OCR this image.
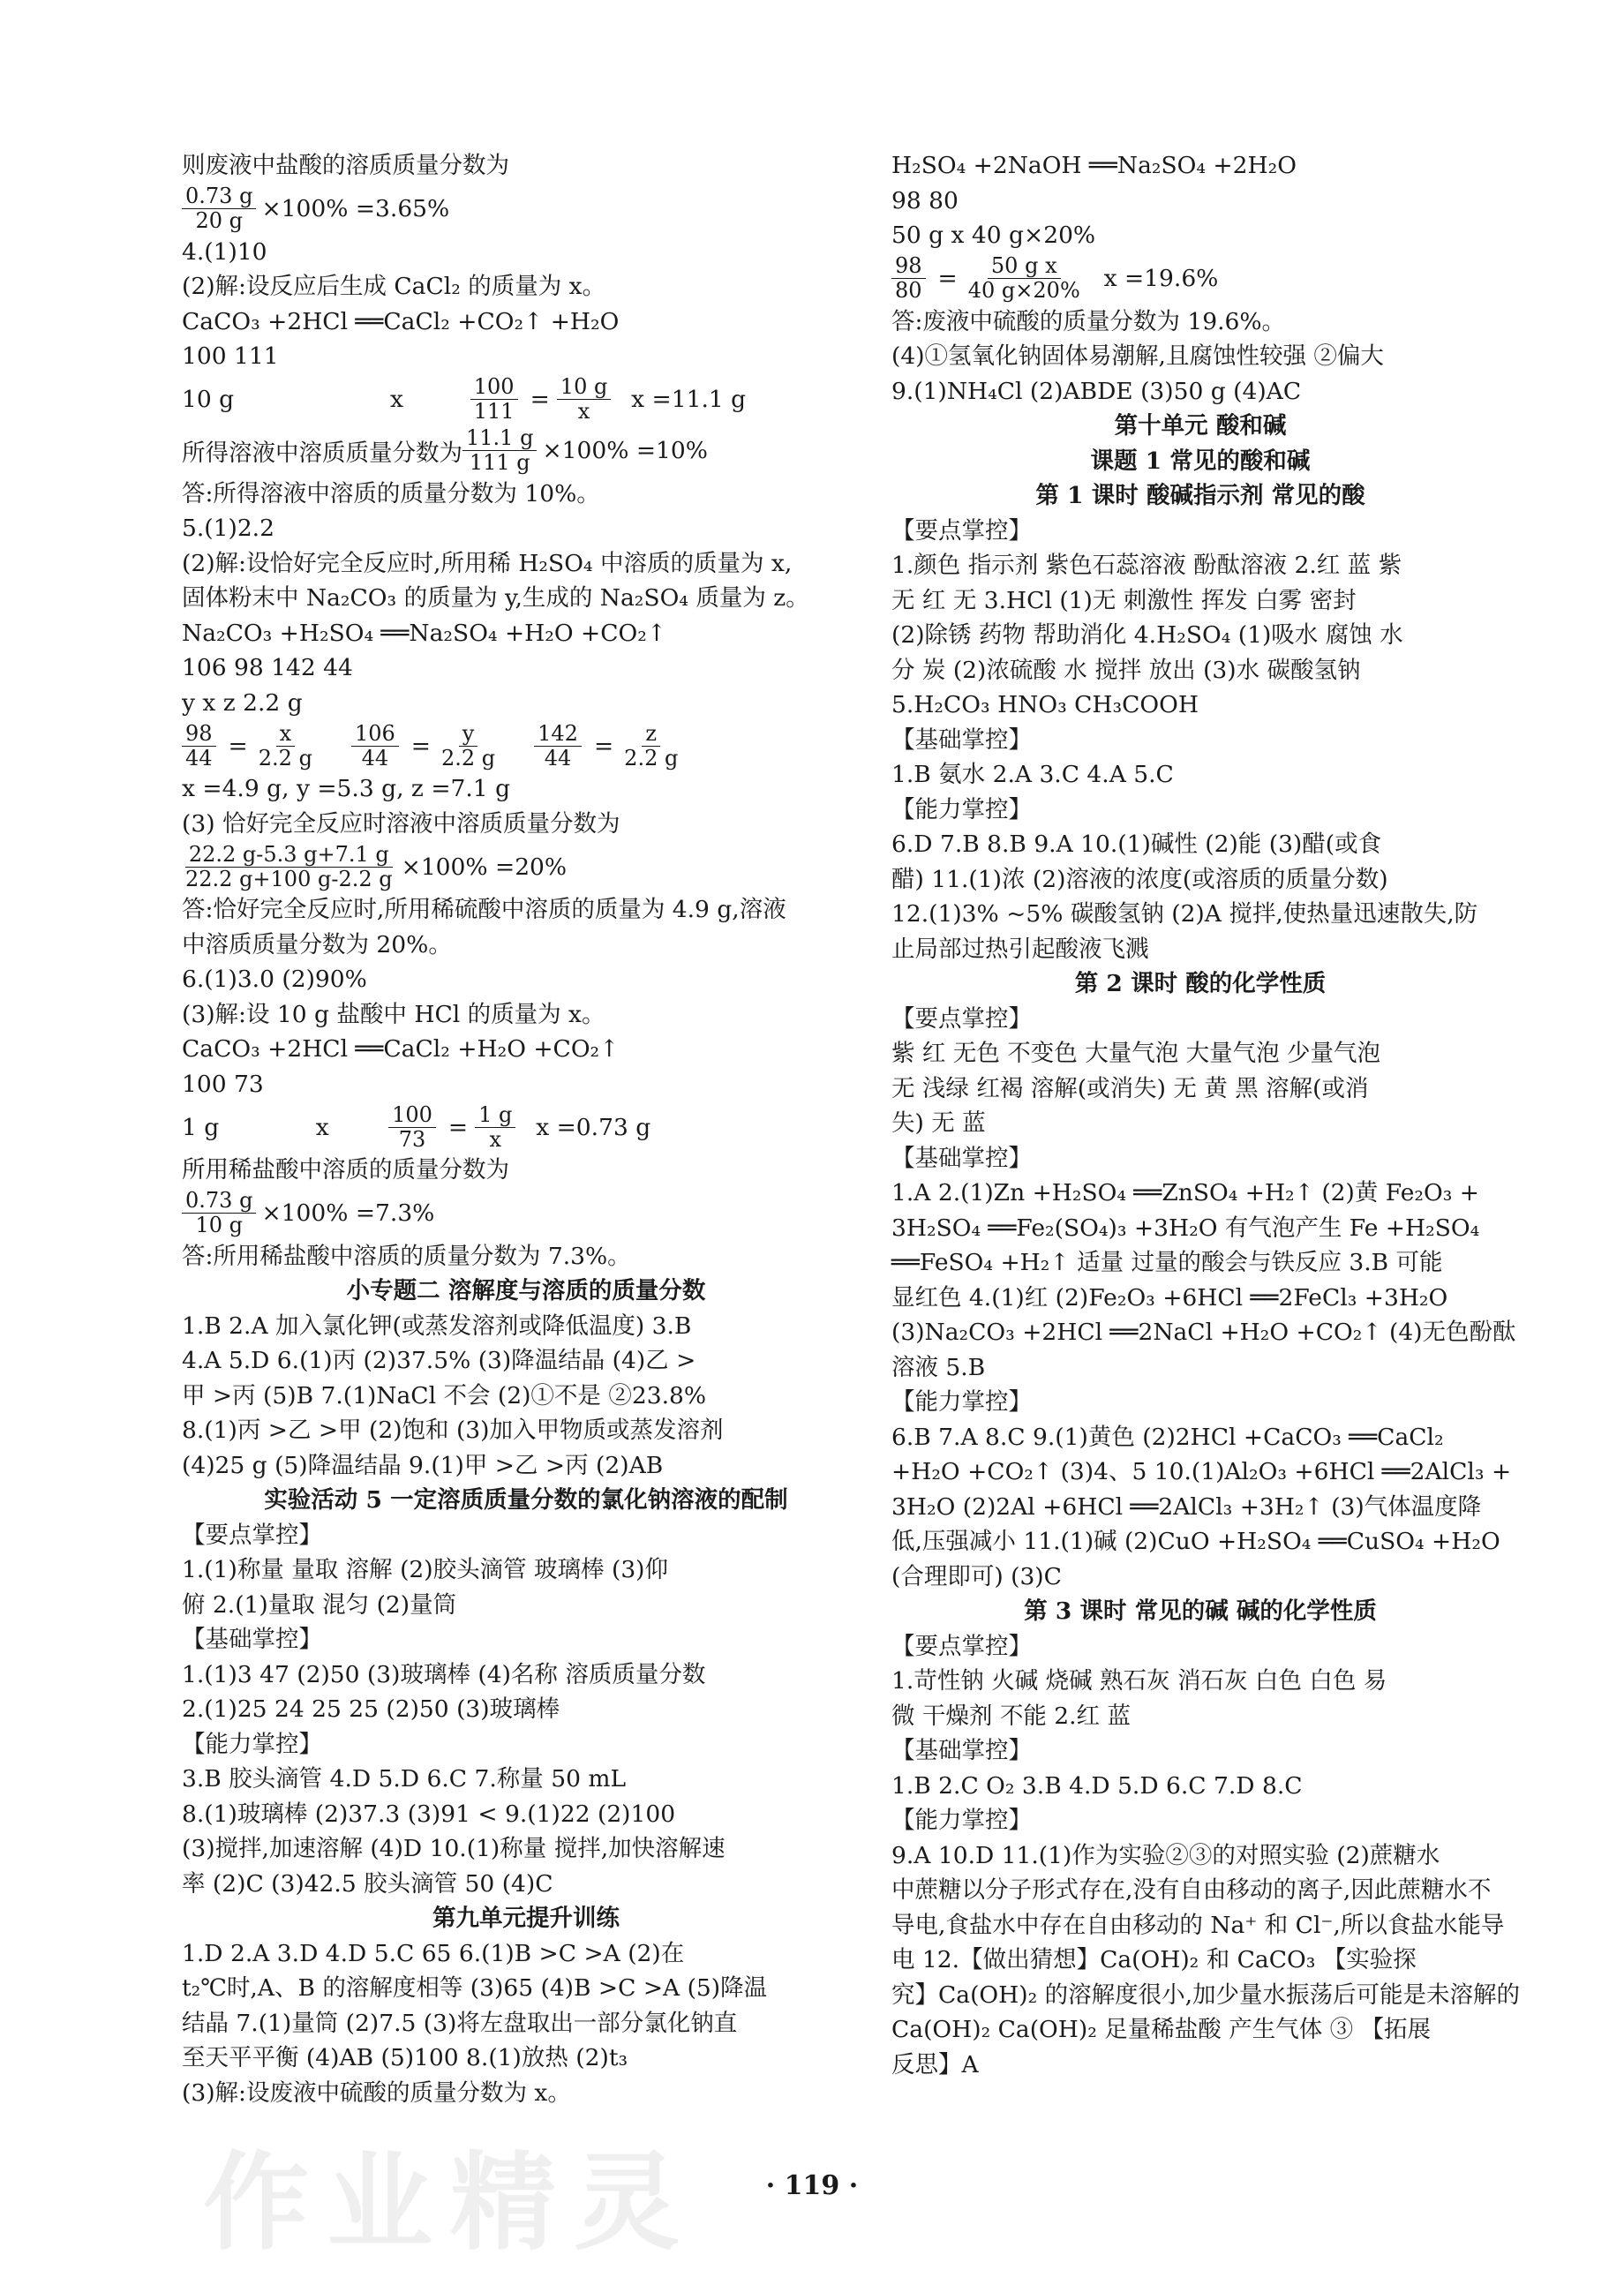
则废液中盐酸的溶质质量分数为
$\frac{0.73 g}{20 g} \times 100\% =3.65\%$
4.(1)10
(2)解:设反应后生成 CaCl₂ 的质量为 x。
CaCO₃ +2HCl ══CaCl₂ +CO₂↑ +H₂O
100 111
10 g                     x $\frac{100}{111} = \frac{10 g}{x}$ x =11.1 g
所得溶液中溶质质量分数为 $\frac{11.1 g}{111 g} \times 100\% =10\%$
答:所得溶液中溶质的质量分数为 10%。
5.(1)2.2
(2)解:设恰好完全反应时,所用稀 H₂SO₄ 中溶质的质量为 x,
固体粉末中 Na₂CO₃ 的质量为 y,生成的 Na₂SO₄ 质量为 z。
Na₂CO₃ +H₂SO₄ ══Na₂SO₄ +H₂O +CO₂↑
106 98 142 44
y x z 2.2 g
$\frac{98}{44} = \frac{x}{2.2 g} \frac{106}{44} = \frac{y}{2.2 g} \frac{142}{44} = \frac{z}{2.2 g}$
x =4.9 g, y =5.3 g, z =7.1 g
(3) 恰好完全反应时溶液中溶质质量分数为
$\frac{22.2 g-5.3 g+7.1 g}{22.2 g+100 g-2.2 g} \times 100\% =20\%$
答:恰好完全反应时,所用稀硫酸中溶质的质量为 4.9 g,溶液
中溶质质量分数为 20%。
6.(1)3.0 (2)90%
(3)解:设 10 g 盐酸中 HCl 的质量为 x。
CaCO₃ +2HCl ══CaCl₂ +H₂O +CO₂↑
100 73
1 g             x $\frac{100}{73} = \frac{1 g}{x}$ x =0.73 g
所用稀盐酸中溶质的质量分数为
$\frac{0.73 g}{10 g} \times 100\% =7.3\%$
答:所用稀盐酸中溶质的质量分数为 7.3%。
小专题二 溶解度与溶质的质量分数
1.B 2.A 加入氯化钾(或蒸发溶剂或降低温度) 3.B
4.A 5.D 6.(1)丙 (2)37.5% (3)降温结晶 (4)乙 >
甲 >丙 (5)B 7.(1)NaCl 不会 (2)①不是 ②23.8%
8.(1)丙 >乙 >甲 (2)饱和 (3)加入甲物质或蒸发溶剂
(4)25 g (5)降温结晶 9.(1)甲 >乙 >丙 (2)AB
实验活动 5 一定溶质质量分数的氯化钠溶液的配制
【要点掌控】
1.(1)称量 量取 溶解 (2)胶头滴管 玻璃棒 (3)仰
俯 2.(1)量取 混匀 (2)量筒
【基础掌控】
1.(1)3 47 (2)50 (3)玻璃棒 (4)名称 溶质质量分数
2.(1)25 24 25 25 (2)50 (3)玻璃棒
【能力掌控】
3.B 胶头滴管 4.D 5.D 6.C 7.称量 50 mL
8.(1)玻璃棒 (2)37.3 (3)91 < 9.(1)22 (2)100
(3)搅拌,加速溶解 (4)D 10.(1)称量 搅拌,加快溶解速
率 (2)C (3)42.5 胶头滴管 50 (4)C
第九单元提升训练
1.D 2.A 3.D 4.D 5.C 65 6.(1)B >C >A (2)在
t₂℃时,A、B 的溶解度相等 (3)65 (4)B >C >A (5)降温
结晶 7.(1)量筒 (2)7.5 (3)将左盘取出一部分氯化钠直
至天平平衡 (4)AB (5)100 8.(1)放热 (2)t₃
(3)解:设废液中硫酸的质量分数为 x。
H₂SO₄ +2NaOH ══Na₂SO₄ +2H₂O
98 80
50 g x 40 g×20%
$\frac{98}{80} = \frac{\text{50 g x}}{40 g\times 20\%}$ x =19.6%
答:废液中硫酸的质量分数为 19.6%。
(4)①氢氧化钠固体易潮解,且腐蚀性较强 ②偏大
9.(1)NH₄Cl (2)ABDE (3)50 g (4)AC
第十单元 酸和碱
课题 1 常见的酸和碱
第 1 课时 酸碱指示剂 常见的酸
【要点掌控】
1.颜色 指示剂 紫色石蕊溶液 酚酞溶液 2.红 蓝 紫
无 红 无 3.HCl (1)无 刺激性 挥发 白雾 密封
(2)除锈 药物 帮助消化 4.H₂SO₄ (1)吸水 腐蚀 水
分 炭 (2)浓硫酸 水 搅拌 放出 (3)水 碳酸氢钠
5.H₂CO₃ HNO₃ CH₃COOH
【基础掌控】
1.B 氨水 2.A 3.C 4.A 5.C
【能力掌控】
6.D 7.B 8.B 9.A 10.(1)碱性 (2)能 (3)醋(或食
醋) 11.(1)浓 (2)溶液的浓度(或溶质的质量分数)
12.(1)3% ~5% 碳酸氢钠 (2)A 搅拌,使热量迅速散失,防
止局部过热引起酸液飞溅
第 2 课时 酸的化学性质
【要点掌控】
紫 红 无色 不变色 大量气泡 大量气泡 少量气泡
无 浅绿 红褐 溶解(或消失) 无 黄 黑 溶解(或消
失) 无 蓝
【基础掌控】
1.A 2.(1)Zn +H₂SO₄ ══ZnSO₄ +H₂↑ (2)黄 Fe₂O₃ +
3H₂SO₄ ══Fe₂(SO₄)₃ +3H₂O 有气泡产生 Fe +H₂SO₄
══FeSO₄ +H₂↑ 适量 过量的酸会与铁反应 3.B 可能
显红色 4.(1)红 (2)Fe₂O₃ +6HCl ══2FeCl₃ +3H₂O
(3)Na₂CO₃ +2HCl ══2NaCl +H₂O +CO₂↑ (4)无色酚酞
溶液 5.B
【能力掌控】
6.B 7.A 8.C 9.(1)黄色 (2)2HCl +CaCO₃ ══CaCl₂
+H₂O +CO₂↑ (3)4、5 10.(1)Al₂O₃ +6HCl ══2AlCl₃ +
3H₂O (2)2Al +6HCl ══2AlCl₃ +3H₂↑ (3)气体温度降
低,压强减小 11.(1)碱 (2)CuO +H₂SO₄ ══CuSO₄ +H₂O
(合理即可) (3)C
第 3 课时 常见的碱 碱的化学性质
【要点掌控】
1.苛性钠 火碱 烧碱 熟石灰 消石灰 白色 白色 易
微 干燥剂 不能 2.红 蓝
【基础掌控】
1.B 2.C O₂ 3.B 4.D 5.D 6.C 7.D 8.C
【能力掌控】
9.A 10.D 11.(1)作为实验②③的对照实验 (2)蔗糖水
中蔗糖以分子形式存在,没有自由移动的离子,因此蔗糖水不
导电,食盐水中存在自由移动的 Na⁺ 和 Cl⁻,所以食盐水能导
电 12.【做出猜想】Ca(OH)₂ 和 CaCO₃ 【实验探
究】Ca(OH)₂ 的溶解度很小,加少量水振荡后可能是未溶解的
Ca(OH)₂ Ca(OH)₂ 足量稀盐酸 产生气体 ③ 【拓展
反思】A
· 119 ·
作业精灵
